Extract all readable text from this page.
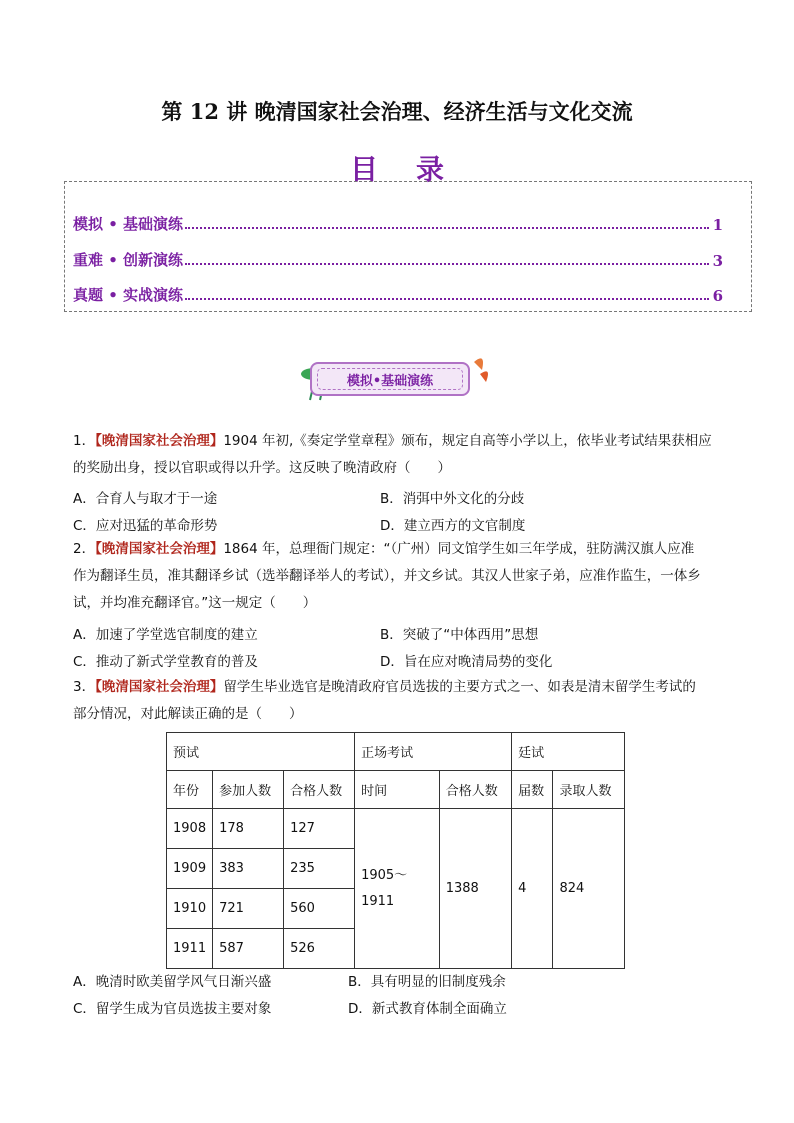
第 12 讲 晚清国家社会治理、经济生活与文化交流
目录
模拟 • 基础演练	1
重难 • 创新演练	3
真题 • 实战演练	6
模拟•基础演练
1．【晚清国家社会治理】1904 年初,《奏定学堂章程》颁布，规定自高等小学以上，依毕业考试结果获相应
的奖励出身，授以官职或得以升学。这反映了晚清政府（　　）
A．合育人与取才于一途	B．消弭中外文化的分歧
C．应对迅猛的革命形势	D．建立西方的文官制度
2．【晚清国家社会治理】1864 年，总理衙门规定：“（广州）同文馆学生如三年学成，驻防满汉旗人应准
作为翻译生员，准其翻译乡试（选举翻译举人的考试），并文乡试。其汉人世家子弟，应准作监生，一体乡
试，并均准充翻译官。”这一规定（　　）
A．加速了学堂选官制度的建立	B．突破了“中体西用”思想
C．推动了新式学堂教育的普及	D．旨在应对晚清局势的变化
3．【晚清国家社会治理】留学生毕业选官是晚清政府官员选拔的主要方式之一、如表是清末留学生考试的
部分情况，对此解读正确的是（　　）
预试			正场考试		廷试	
年份	参加人数	合格人数	时间	合格人数	届数	录取人数
1908	178	127	1905～1911	1388	4	824
1909	383	235				
1910	721	560				
1911	587	526				
A．晚清时欧美留学风气日渐兴盛	B．具有明显的旧制度残余
C．留学生成为官员选拔主要对象	D．新式教育体制全面确立
